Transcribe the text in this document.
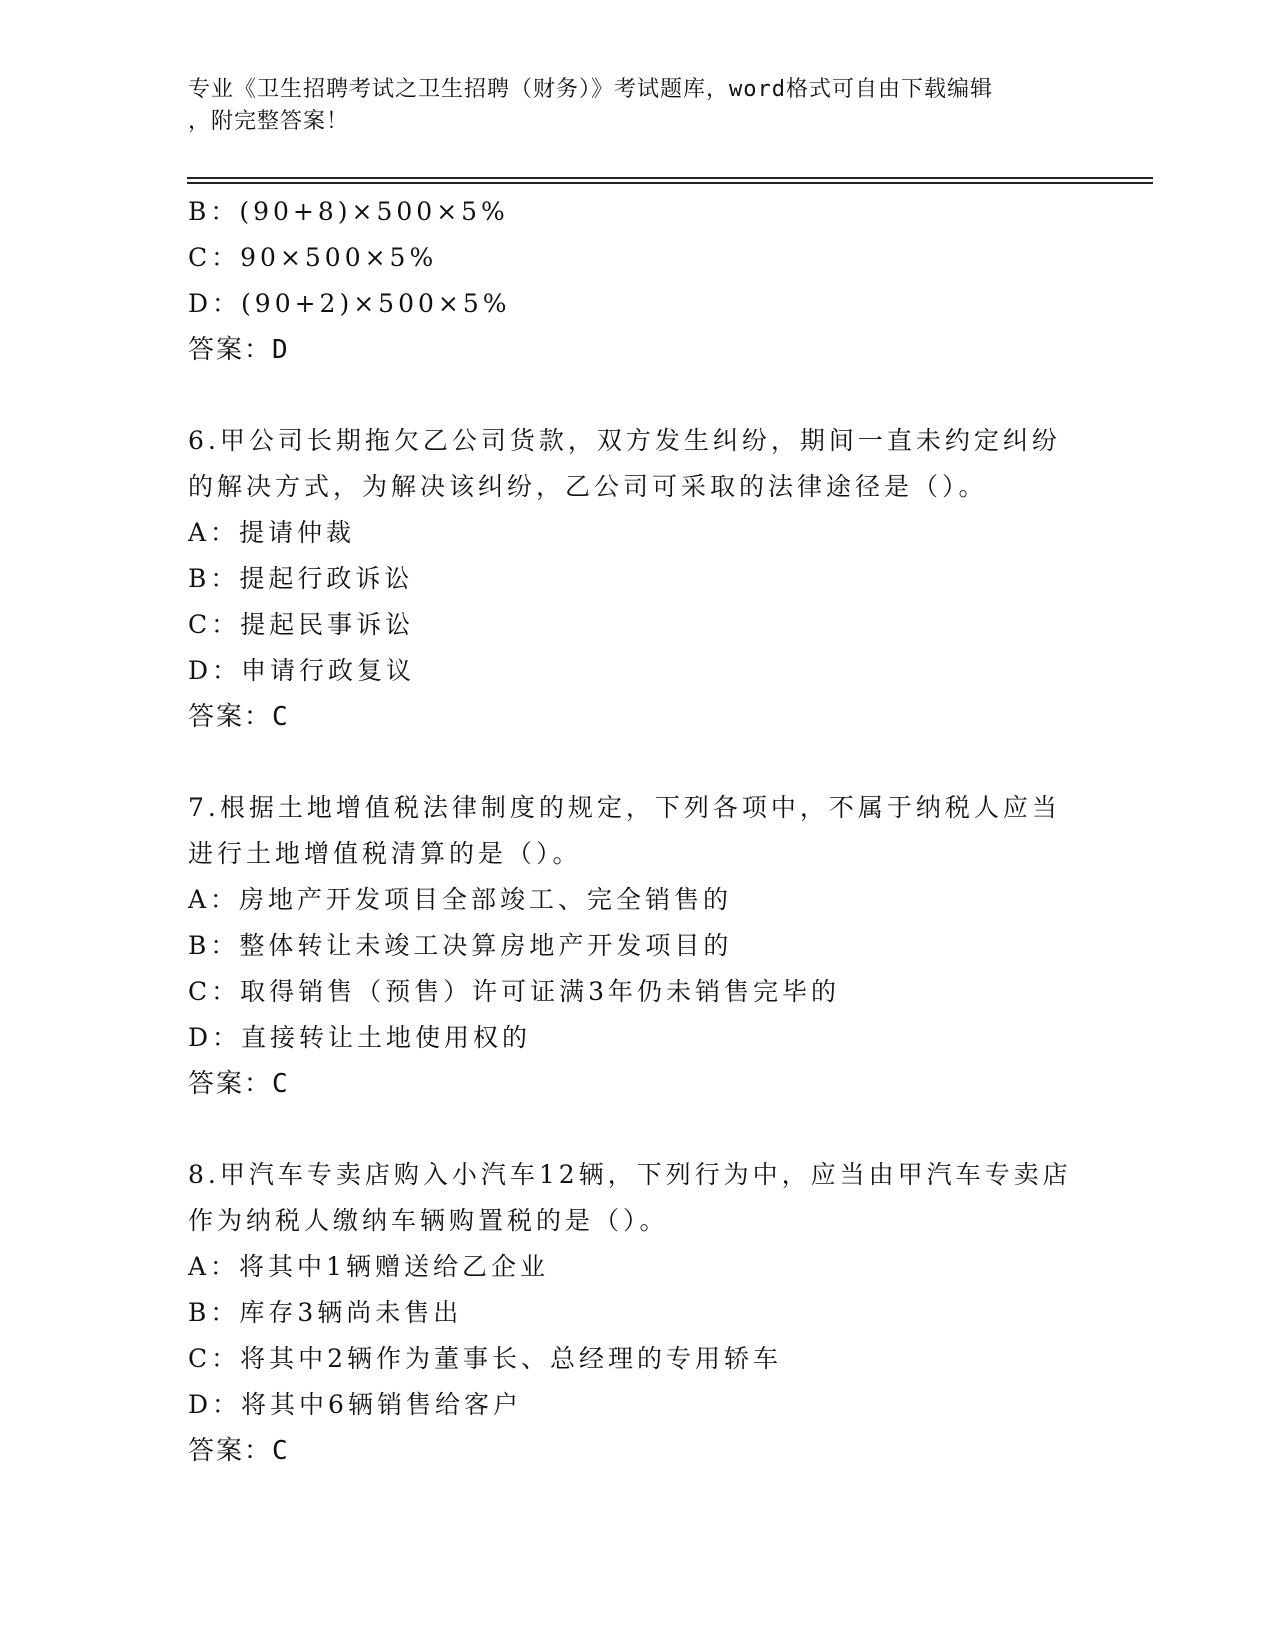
专业《卫生招聘考试之卫生招聘（财务）》考试题库，word格式可自由下载编辑
，附完整答案！
B：(90+8)×500×5%
C：90×500×5%
D：(90+2)×500×5%
答案：D
6.甲公司长期拖欠乙公司货款，双方发生纠纷，期间一直未约定纠纷
的解决方式，为解决该纠纷，乙公司可采取的法律途径是（）。
A：提请仲裁
B：提起行政诉讼
C：提起民事诉讼
D：申请行政复议
答案：C
7.根据土地增值税法律制度的规定，下列各项中，不属于纳税人应当
进行土地增值税清算的是（）。
A：房地产开发项目全部竣工、完全销售的
B：整体转让未竣工决算房地产开发项目的
C：取得销售（预售）许可证满3年仍未销售完毕的
D：直接转让土地使用权的
答案：C
8.甲汽车专卖店购入小汽车12辆，下列行为中，应当由甲汽车专卖店
作为纳税人缴纳车辆购置税的是（）。
A：将其中1辆赠送给乙企业
B：库存3辆尚未售出
C：将其中2辆作为董事长、总经理的专用轿车
D：将其中6辆销售给客户
答案：C
